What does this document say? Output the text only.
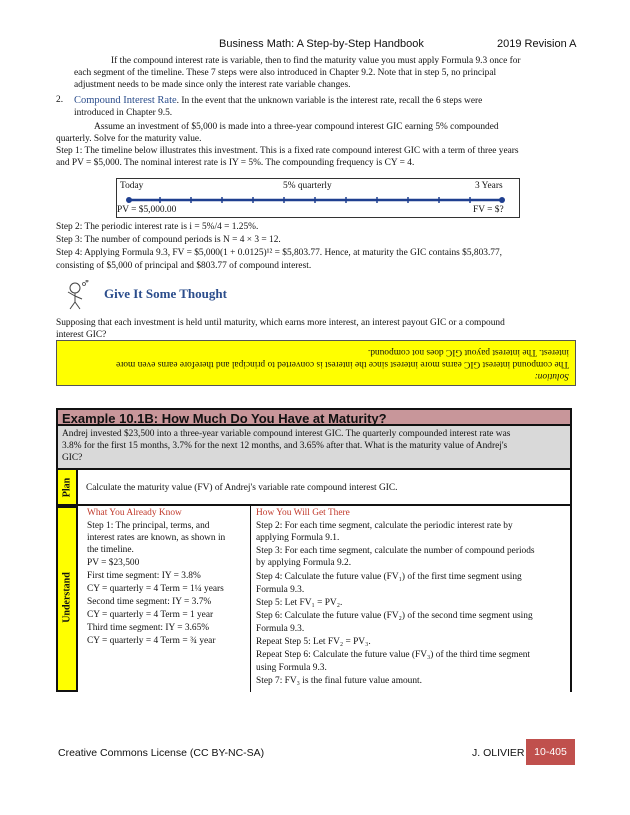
Business Math: A Step-by-Step Handbook	2019 Revision A
If the compound interest rate is variable, then to find the maturity value you must apply Formula 9.3 once for
each segment of the timeline. These 7 steps were also introduced in Chapter 9.2. Note that in step 5, no principal
adjustment needs to be made since only the interest rate variable changes.
2. Compound Interest Rate. In the event that the unknown variable is the interest rate, recall the 6 steps were
introduced in Chapter 9.5.
Assume an investment of $5,000 is made into a three-year compound interest GIC earning 5% compounded
quarterly. Solve for the maturity value.
Step 1: The timeline below illustrates this investment. This is a fixed rate compound interest GIC with a term of three years
and PV = $5,000. The nominal interest rate is IY = 5%. The compounding frequency is CY = 4.
Today	5% quarterly	3 Years
PV = $5,000.00	FV = $?
Step 2: The periodic interest rate is i = 5%/4 = 1.25%.
Step 3: The number of compound periods is N = 4 × 3 = 12.
Step 4: Applying Formula 9.3, FV = $5,000(1 + 0.0125)¹² = $5,803.77. Hence, at maturity the GIC contains $5,803.77,
consisting of $5,000 of principal and $803.77 of compound interest.
Give It Some Thought
Supposing that each investment is held until maturity, which earns more interest, an interest payout GIC or a compound
interest GIC?
Solution:
The compound interest GIC earns more interest since the interest is converted to principal and therefore earns even more
interest. The interest payout GIC does not compound.
Example 10.1B: How Much Do You Have at Maturity?
Andrej invested $23,500 into a three-year variable compound interest GIC. The quarterly compounded interest rate was
3.8% for the first 15 months, 3.7% for the next 12 months, and 3.65% after that. What is the maturity value of Andrej's
GIC?
Plan Calculate the maturity value (FV) of Andrej's variable rate compound interest GIC.
Understand
What You Already Know
Step 1: The principal, terms, and
interest rates are known, as shown in
the timeline.
PV = $23,500
First time segment: IY = 3.8%
CY = quarterly = 4 Term = 1¼ years
Second time segment: IY = 3.7%
CY = quarterly = 4 Term = 1 year
Third time segment: IY = 3.65%
CY = quarterly = 4 Term = ¾ year
How You Will Get There
Step 2: For each time segment, calculate the periodic interest rate by
applying Formula 9.1.
Step 3: For each time segment, calculate the number of compound periods
by applying Formula 9.2.
Step 4: Calculate the future value (FV₁) of the first time segment using
Formula 9.3.
Step 5: Let FV₁ = PV₂.
Step 6: Calculate the future value (FV₂) of the second time segment using
Formula 9.3.
Repeat Step 5: Let FV₂ = PV₃.
Repeat Step 6: Calculate the future value (FV₃) of the third time segment
using Formula 9.3.
Step 7: FV₃ is the final future value amount.
Creative Commons License (CC BY-NC-SA)	J. OLIVIER 10-405
